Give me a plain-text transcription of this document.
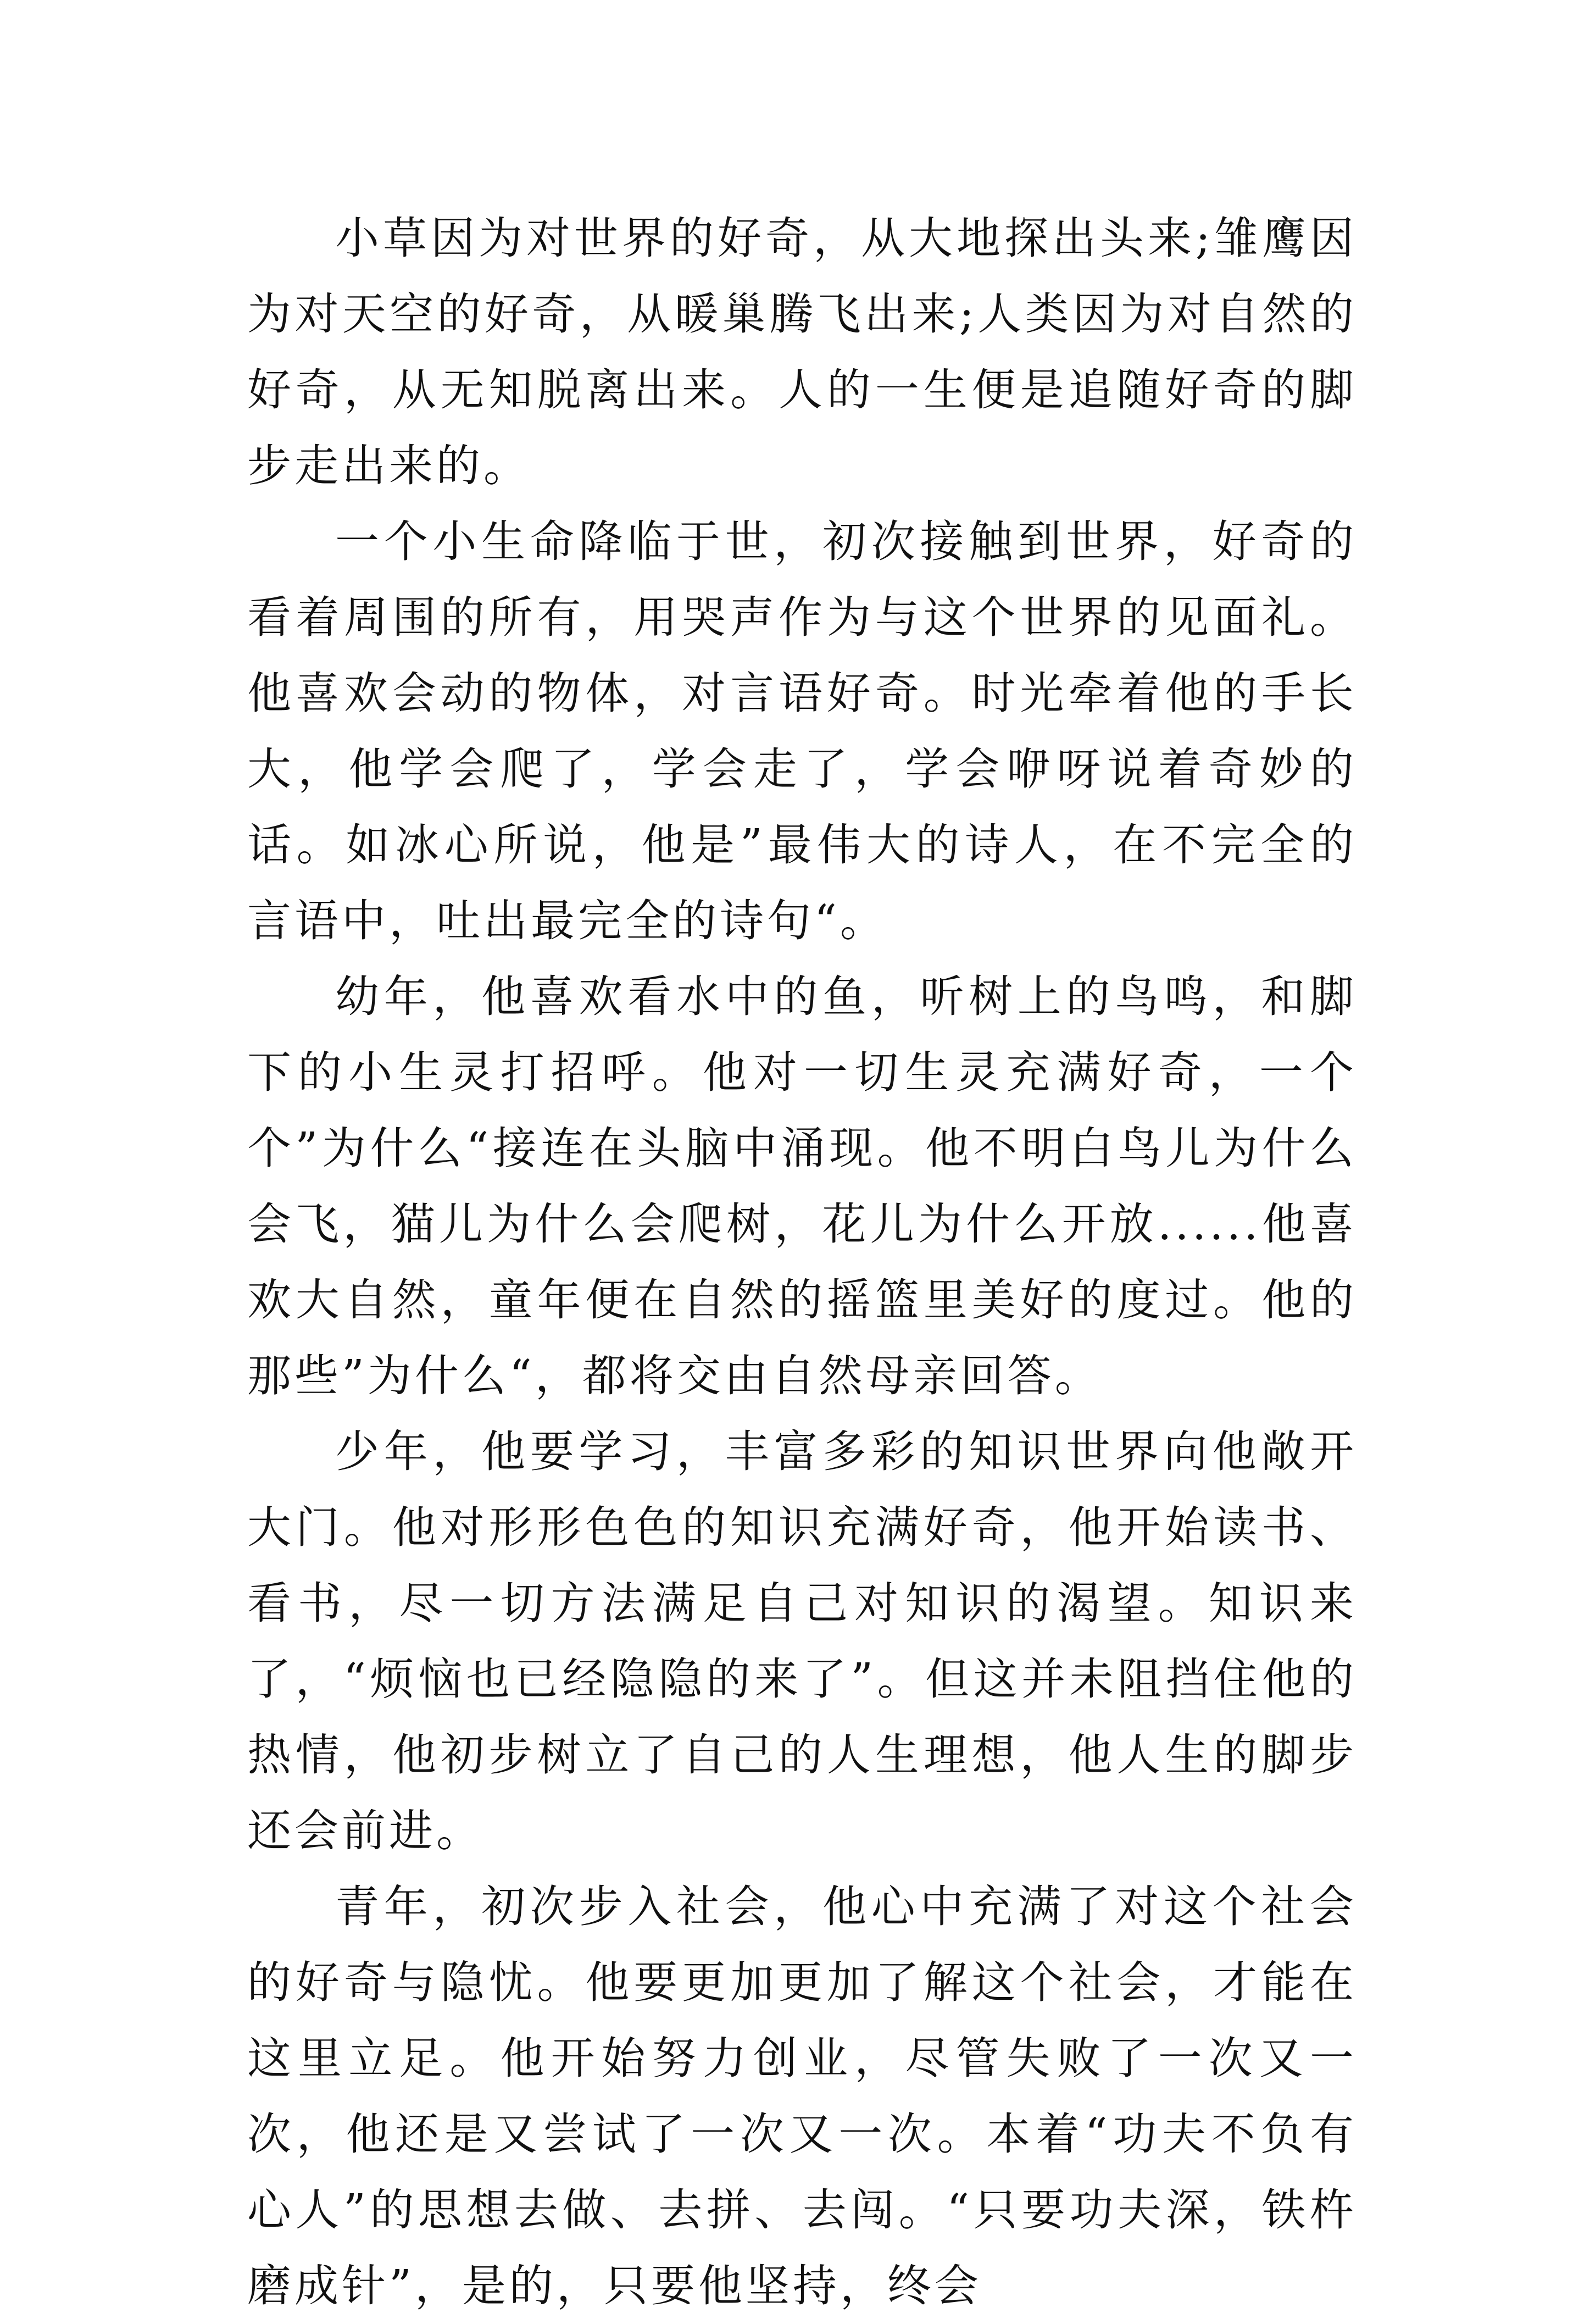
小草因为对世界的好奇，从大地探出头来;雏鹰因为对天空的好奇，从暖巢腾飞出来;人类因为对自然的好奇，从无知脱离出来。人的一生便是追随好奇的脚步走出来的。

一个小生命降临于世，初次接触到世界，好奇的看着周围的所有，用哭声作为与这个世界的见面礼。他喜欢会动的物体，对言语好奇。时光牵着他的手长大，他学会爬了，学会走了，学会咿呀说着奇妙的话。如冰心所说，他是”最伟大的诗人，在不完全的言语中，吐出最完全的诗句“。

幼年，他喜欢看水中的鱼，听树上的鸟鸣，和脚下的小生灵打招呼。他对一切生灵充满好奇，一个个”为什么“接连在头脑中涌现。他不明白鸟儿为什么会飞，猫儿为什么会爬树，花儿为什么开放......他喜欢大自然，童年便在自然的摇篮里美好的度过。他的那些”为什么“，都将交由自然母亲回答。

少年，他要学习，丰富多彩的知识世界向他敞开大门。他对形形色色的知识充满好奇，他开始读书、看书，尽一切方法满足自己对知识的渴望。知识来了，“烦恼也已经隐隐的来了”。但这并未阻挡住他的热情，他初步树立了自己的人生理想，他人生的脚步还会前进。

青年，初次步入社会，他心中充满了对这个社会的好奇与隐忧。他要更加更加了解这个社会，才能在这里立足。他开始努力创业，尽管失败了一次又一次，他还是又尝试了一次又一次。本着“功夫不负有心人”的思想去做、去拼、去闯。“只要功夫深，铁杵磨成针”，是的，只要他坚持，终会
